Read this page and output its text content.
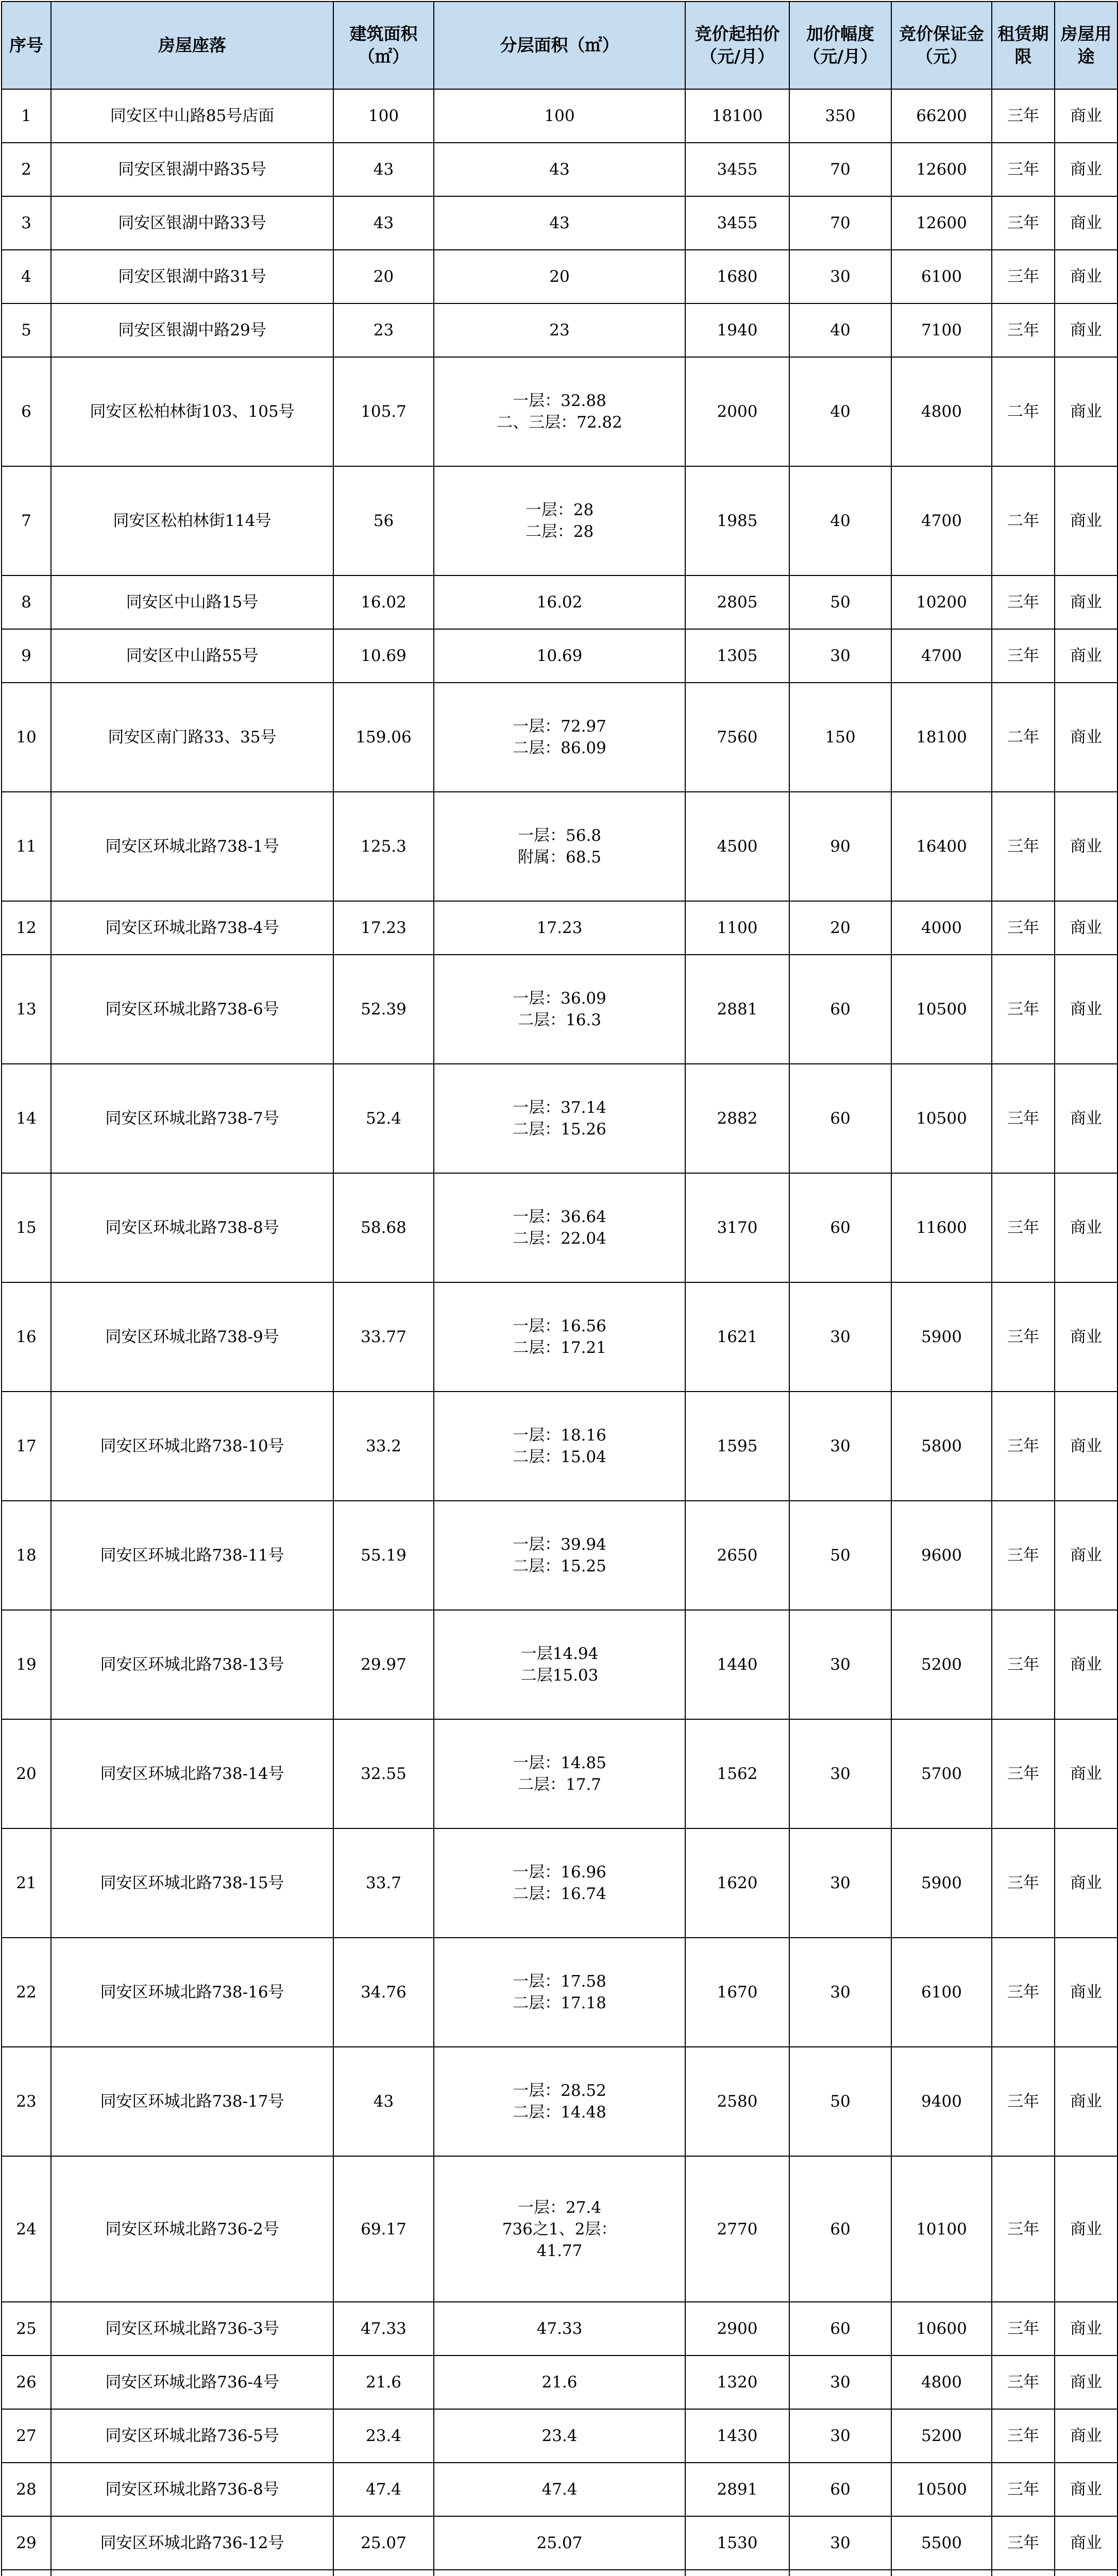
序号	房屋座落	建筑面积（㎡）	分层面积（㎡）	竞价起拍价（元/月）	加价幅度（元/月）	竞价保证金（元）	租赁期限	房屋用途
1	同安区中山路85号店面	100	100	18100	350	66200	三年	商业
2	同安区银湖中路35号	43	43	3455	70	12600	三年	商业
3	同安区银湖中路33号	43	43	3455	70	12600	三年	商业
4	同安区银湖中路31号	20	20	1680	30	6100	三年	商业
5	同安区银湖中路29号	23	23	1940	40	7100	三年	商业
6	同安区松柏林街103、105号	105.7	一层：32.88
二、三层：72.82	2000	40	4800	二年	商业
7	同安区松柏林街114号	56	一层：28
二层：28	1985	40	4700	二年	商业
8	同安区中山路15号	16.02	16.02	2805	50	10200	三年	商业
9	同安区中山路55号	10.69	10.69	1305	30	4700	三年	商业
10	同安区南门路33、35号	159.06	一层：72.97
二层：86.09	7560	150	18100	二年	商业
11	同安区环城北路738-1号	125.3	一层：56.8
附属：68.5	4500	90	16400	三年	商业
12	同安区环城北路738-4号	17.23	17.23	1100	20	4000	三年	商业
13	同安区环城北路738-6号	52.39	一层：36.09
二层：16.3	2881	60	10500	三年	商业
14	同安区环城北路738-7号	52.4	一层：37.14
二层：15.26	2882	60	10500	三年	商业
15	同安区环城北路738-8号	58.68	一层：36.64
二层：22.04	3170	60	11600	三年	商业
16	同安区环城北路738-9号	33.77	一层：16.56
二层：17.21	1621	30	5900	三年	商业
17	同安区环城北路738-10号	33.2	一层：18.16
二层：15.04	1595	30	5800	三年	商业
18	同安区环城北路738-11号	55.19	一层：39.94
二层：15.25	2650	50	9600	三年	商业
19	同安区环城北路738-13号	29.97	一层14.94
二层15.03	1440	30	5200	三年	商业
20	同安区环城北路738-14号	32.55	一层：14.85
二层：17.7	1562	30	5700	三年	商业
21	同安区环城北路738-15号	33.7	一层：16.96
二层：16.74	1620	30	5900	三年	商业
22	同安区环城北路738-16号	34.76	一层：17.58
二层：17.18	1670	30	6100	三年	商业
23	同安区环城北路738-17号	43	一层：28.52
二层：14.48	2580	50	9400	三年	商业
24	同安区环城北路736-2号	69.17	一层：27.4
736之1、2层：
41.77	2770	60	10100	三年	商业
25	同安区环城北路736-3号	47.33	47.33	2900	60	10600	三年	商业
26	同安区环城北路736-4号	21.6	21.6	1320	30	4800	三年	商业
27	同安区环城北路736-5号	23.4	23.4	1430	30	5200	三年	商业
28	同安区环城北路736-8号	47.4	47.4	2891	60	10500	三年	商业
29	同安区环城北路736-12号	25.07	25.07	1530	30	5500	三年	商业
